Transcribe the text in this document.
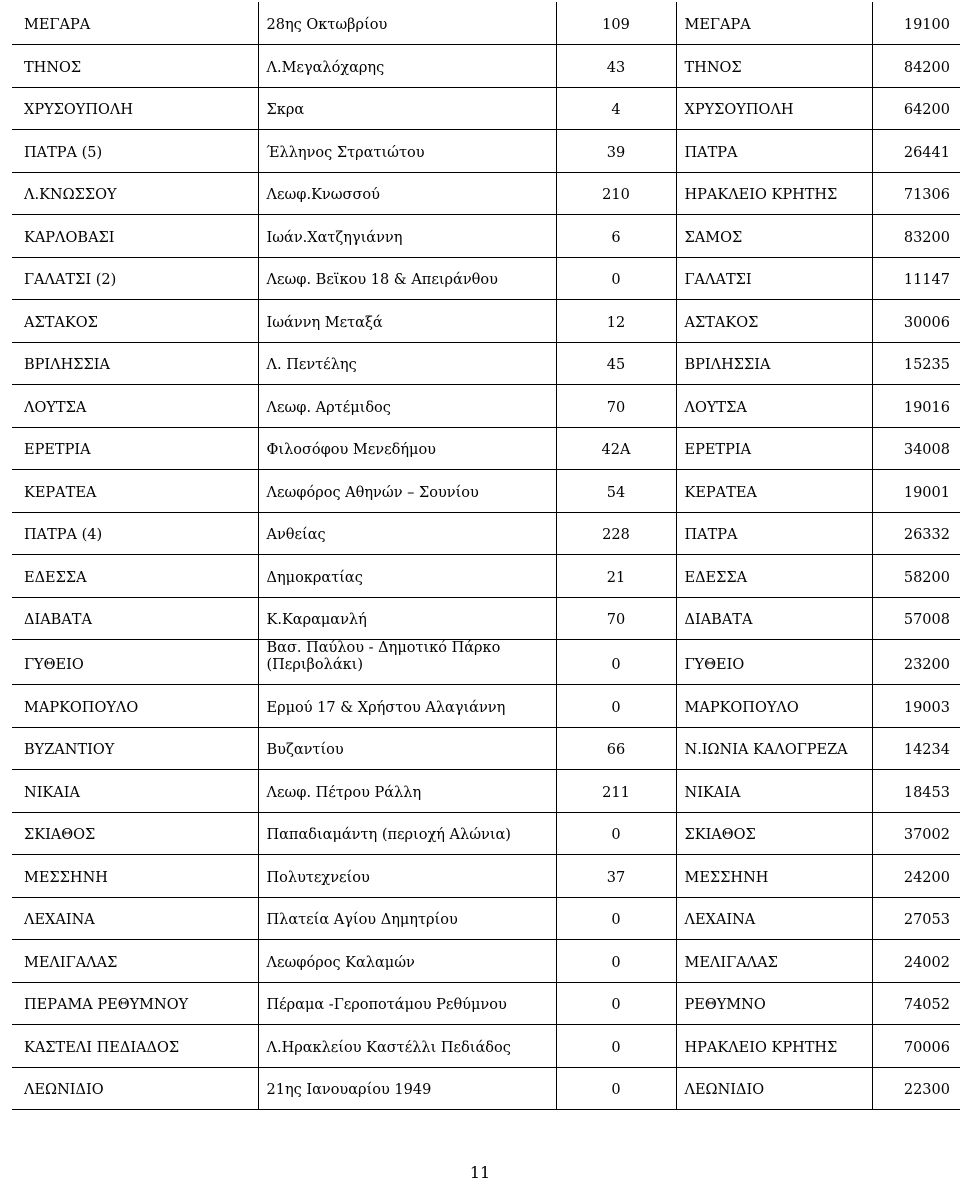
ΜΕΓΑΡΑ	28ης Οκτωβρίου	109	ΜΕΓΑΡΑ	19100
ΤΗΝΟΣ	Λ.Μεγαλόχαρης	43	ΤΗΝΟΣ	84200
ΧΡΥΣΟΥΠΟΛΗ	Σκρα	4	ΧΡΥΣΟΥΠΟΛΗ	64200
ΠΑΤΡΑ (5)	Έλληνος Στρατιώτου	39	ΠΑΤΡΑ	26441
Λ.ΚΝΩΣΣΟΥ	Λεωφ.Κνωσσού	210	ΗΡΑΚΛΕΙΟ ΚΡΗΤΗΣ	71306
ΚΑΡΛΟΒΑΣΙ	Ιωάν.Χατζηγιάννη	6	ΣΑΜΟΣ	83200
ΓΑΛΑΤΣΙ (2)	Λεωφ. Βεϊκου 18 & Απειράνθου	0	ΓΑΛΑΤΣΙ	11147
ΑΣΤΑΚΟΣ	Ιωάννη Μεταξά	12	ΑΣΤΑΚΟΣ	30006
ΒΡΙΛΗΣΣΙΑ	Λ. Πεντέλης	45	ΒΡΙΛΗΣΣΙΑ	15235
ΛΟΥΤΣΑ	Λεωφ. Αρτέμιδος	70	ΛΟΥΤΣΑ	19016
ΕΡΕΤΡΙΑ	Φιλοσόφου Μενεδήμου	42Α	ΕΡΕΤΡΙΑ	34008
ΚΕΡΑΤΕΑ	Λεωφόρος Αθηνών – Σουνίου	54	ΚΕΡΑΤΕΑ	19001
ΠΑΤΡΑ (4)	Ανθείας	228	ΠΑΤΡΑ	26332
ΕΔΕΣΣΑ	Δημοκρατίας	21	ΕΔΕΣΣΑ	58200
ΔΙΑΒΑΤΑ	Κ.Καραμανλή	70	ΔΙΑΒΑΤΑ	57008
ΓΥΘΕΙΟ	Βασ. Παύλου - Δημοτικό Πάρκο (Περιβολάκι)	0	ΓΥΘΕΙΟ	23200
ΜΑΡΚΟΠΟΥΛΟ	Ερμού 17 & Χρήστου Αλαγιάννη	0	ΜΑΡΚΟΠΟΥΛΟ	19003
ΒΥΖΑΝΤΙΟΥ	Βυζαντίου	66	Ν.ΙΩΝΙΑ ΚΑΛΟΓΡΕΖΑ	14234
ΝΙΚΑΙΑ	Λεωφ. Πέτρου Ράλλη	211	ΝΙΚΑΙΑ	18453
ΣΚΙΑΘΟΣ	Παπαδιαμάντη (περιοχή Αλώνια)	0	ΣΚΙΑΘΟΣ	37002
ΜΕΣΣΗΝΗ	Πολυτεχνείου	37	ΜΕΣΣΗΝΗ	24200
ΛΕΧΑΙΝΑ	Πλατεία Αγίου Δημητρίου	0	ΛΕΧΑΙΝΑ	27053
ΜΕΛΙΓΑΛΑΣ	Λεωφόρος Καλαμών	0	ΜΕΛΙΓΑΛΑΣ	24002
ΠΕΡΑΜΑ ΡΕΘΥΜΝΟΥ	Πέραμα -Γεροποτάμου Ρεθύμνου	0	ΡΕΘΥΜΝΟ	74052
ΚΑΣΤΕΛΙ ΠΕΔΙΑΔΟΣ	Λ.Ηρακλείου Καστέλλι Πεδιάδος	0	ΗΡΑΚΛΕΙΟ ΚΡΗΤΗΣ	70006
ΛΕΩΝΙΔΙΟ	21ης Ιανουαρίου 1949	0	ΛΕΩΝΙΔΙΟ	22300
11
